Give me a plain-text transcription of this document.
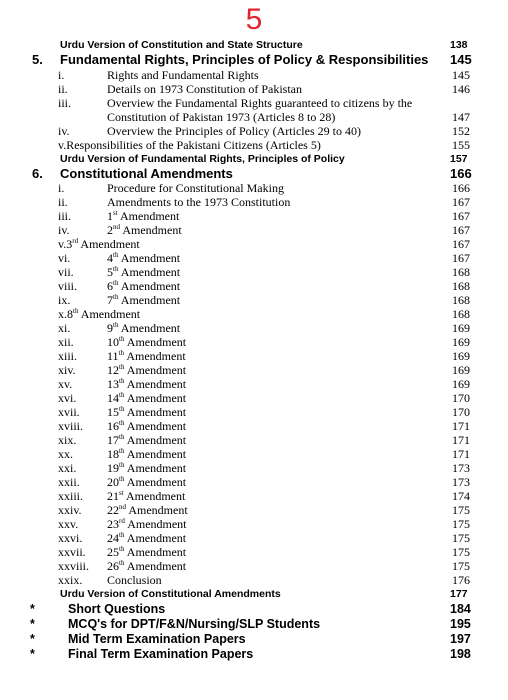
5
Urdu Version of Constitution and State Structure	138
5. Fundamental Rights, Principles of Policy & Responsibilities 145
i.	Rights and Fundamental Rights	145
ii.	Details on 1973 Constitution of Pakistan	146
iii.	Overview the Fundamental Rights guaranteed to citizens by the
Constitution of Pakistan 1973 (Articles 8 to 28)	147
iv.	Overview the Principles of Policy (Articles 29 to 40)	152
v.Responsibilities of the Pakistani Citizens (Articles 5)	155
Urdu Version of Fundamental Rights, Principles of Policy	157
6. Constitutional Amendments	166
i.	Procedure for Constitutional Making	166
ii.	Amendments to the 1973 Constitution	167
iii.	1st Amendment	167
iv.	2nd Amendment	167
v.3rd Amendment	167
vi.	4th Amendment	167
vii.	5th Amendment	168
viii. 6th Amendment	168
ix.	7th Amendment	168
x.8th Amendment	168
xi.	9th Amendment	169
xii.	10th Amendment	169
xiii. 11th Amendment	169
xiv.	12th Amendment	169
xv.	13th Amendment	169
xvi.	14th Amendment	170
xvii. 15th Amendment	170
xviii. 16th Amendment	171
xix.	17th Amendment	171
xx.	18th Amendment	171
xxi.	19th Amendment	173
xxii. 20th Amendment	173
xxiii. 21st Amendment	174
xxiv. 22nd Amendment	175
xxv. 23rd Amendment	175
xxvi. 24th Amendment	175
xxvii. 25th Amendment	175
xxviii. 26th Amendment	175
xxix. Conclusion	176
Urdu Version of Constitutional Amendments	177
*	Short Questions	184
*	MCQ's for DPT/F&N/Nursing/SLP Students	195
*	Mid Term Examination Papers	197
*	Final Term Examination Papers	198
